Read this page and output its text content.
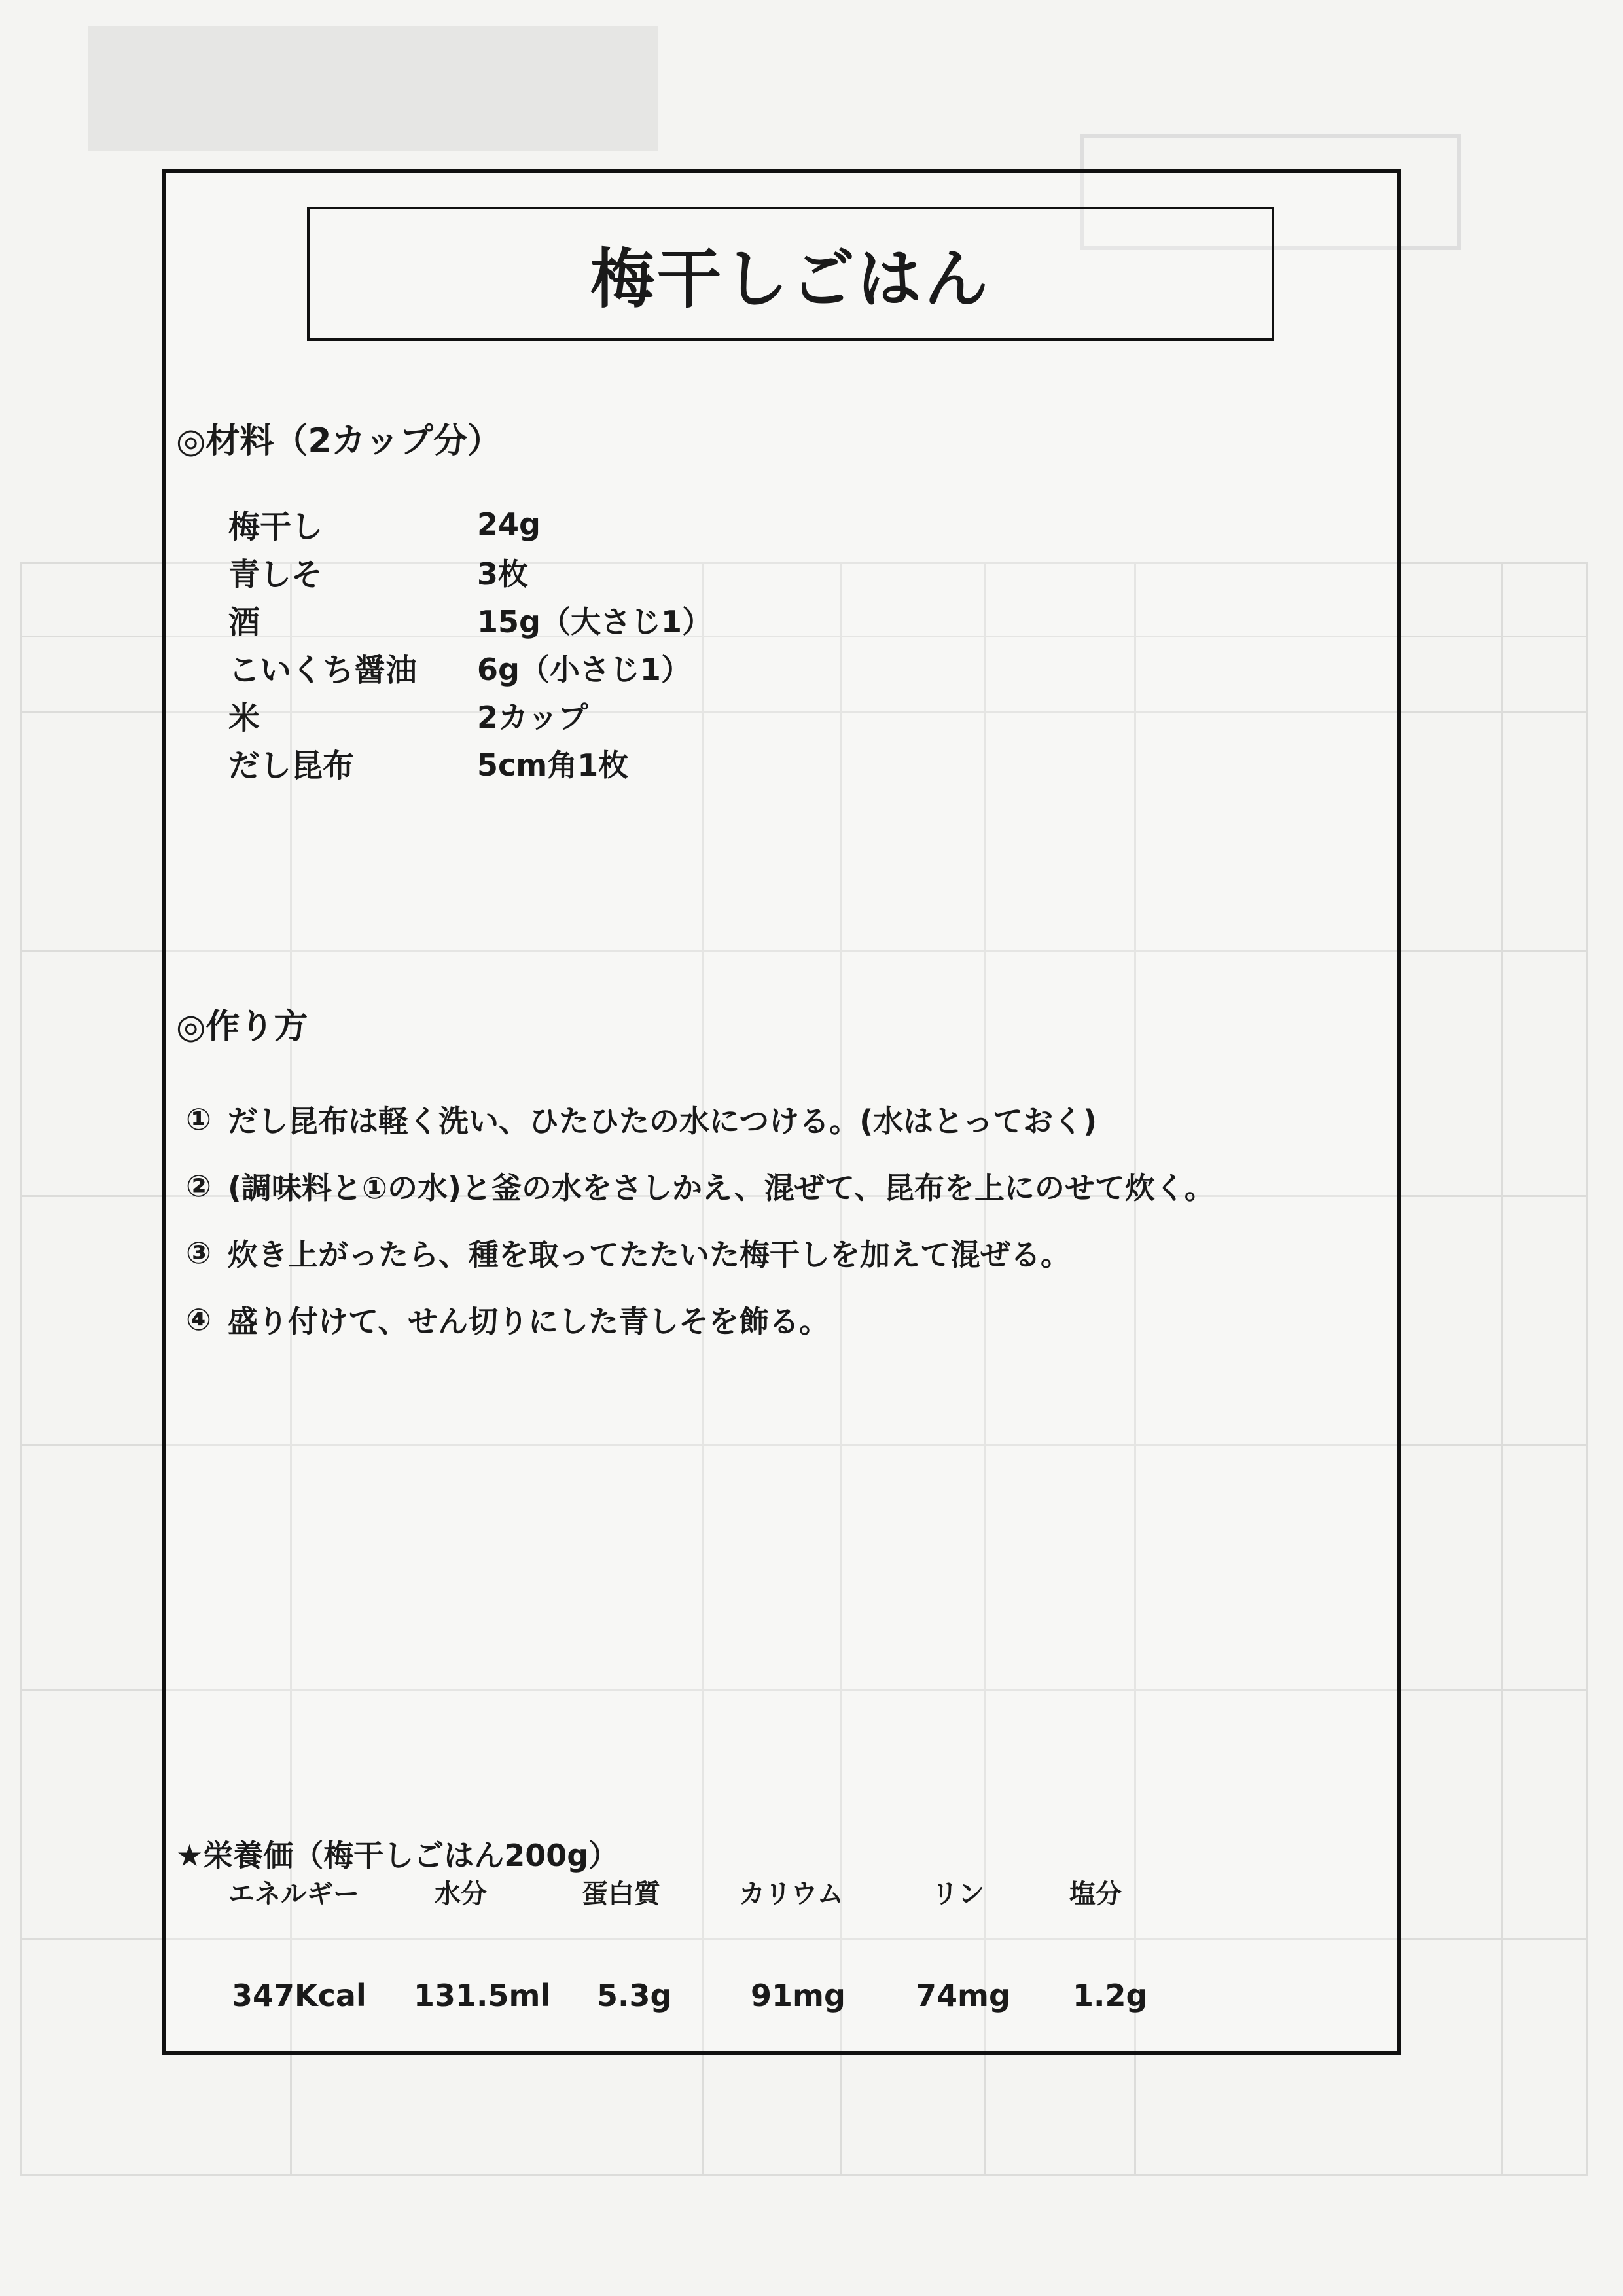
梅干しごはん
◎材料（2カップ分）
梅干し	24g
青しそ	3枚
酒	15g（大さじ1）
こいくち醤油	6g（小さじ1）
米	2カップ
だし昆布	5cm角1枚
◎作り方
① だし昆布は軽く洗い、ひたひたの水につける。(水はとっておく)
② (調味料と①の水)と釜の水をさしかえ、混ぜて、昆布を上にのせて炊く。
③ 炊き上がったら、種を取ってたたいた梅干しを加えて混ぜる。
④ 盛り付けて、せん切りにした青しそを飾る。
★栄養価（梅干しごはん200g）
エネルギー	水分	蛋白質	カリウム	リン	塩分
347Kcal 131.5ml 5.3g	91mg 74mg 1.2g
